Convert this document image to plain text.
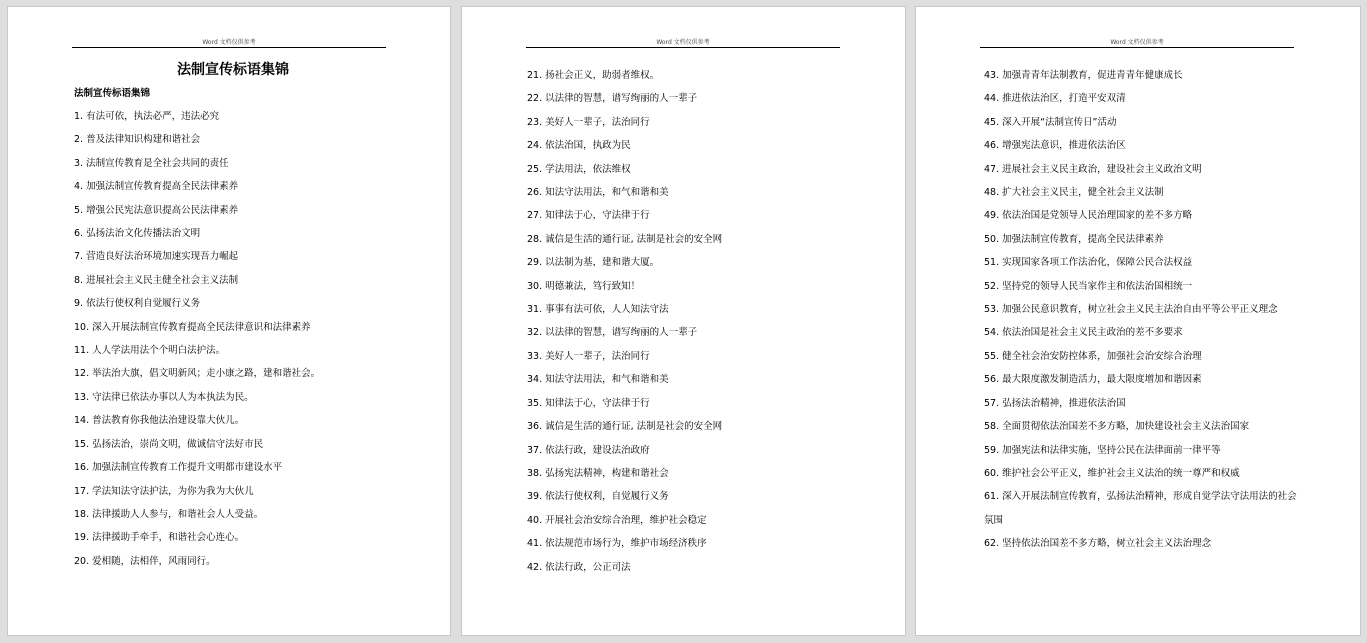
Word 文档仅供参考
法制宣传标语集锦
法制宣传标语集锦
1. 有法可依，执法必严，违法必究
2. 普及法律知识构建和谐社会
3. 法制宣传教育是全社会共同的责任
4. 加强法制宣传教育提高全民法律素养
5. 增强公民宪法意识提高公民法律素养
6. 弘扬法治文化传播法治文明
7. 营造良好法治环境加速实现吾力崛起
8. 进展社会主义民主健全社会主义法制
9. 依法行使权利自觉履行义务
10. 深入开展法制宣传教育提高全民法律意识和法律素养
11. 人人学法用法个个明白法护法。
12. 举法治大旗，倡文明新风；走小康之路，建和谐社会。
13. 守法律已依法办事以人为本执法为民。
14. 普法教育你我他法治建设靠大伙儿。
15. 弘扬法治，崇尚文明，做诚信守法好市民
16. 加强法制宣传教育工作提升文明都市建设水平
17. 学法知法守法护法，为你为我为大伙儿
18. 法律援助人人参与，和谐社会人人受益。
19. 法律援助手牵手，和谐社会心连心。
20. 爱相随，法相伴，风雨同行。
Word 文档仅供参考
21. 扬社会正义，助弱者维权。
22. 以法律的智慧，谱写绚丽的人一辈子
23. 美好人一辈子，法治同行
24. 依法治国，执政为民
25. 学法用法，依法维权
26. 知法守法用法，和气和谐和美
27. 知律法于心，守法律于行
28. 诚信是生活的通行证, 法制是社会的安全网
29. 以法制为基，建和谐大厦。
30. 明德兼法，笃行致知！
31. 事事有法可依，人人知法守法
32. 以法律的智慧，谱写绚丽的人一辈子
33. 美好人一辈子，法治同行
34. 知法守法用法，和气和谐和美
35. 知律法于心，守法律于行
36. 诚信是生活的通行证, 法制是社会的安全网
37. 依法行政，建设法治政府
38. 弘扬宪法精神，构建和谐社会
39. 依法行使权利，自觉履行义务
40. 开展社会治安综合治理，维护社会稳定
41. 依法规范市场行为，维护市场经济秩序
42. 依法行政，公正司法
Word 文档仅供参考
43. 加强青青年法制教育，促进青青年健康成长
44. 推进依法治区，打造平安双清
45. 深入开展“法制宣传日”活动
46. 增强宪法意识，推进依法治区
47. 进展社会主义民主政治，建设社会主义政治文明
48. 扩大社会主义民主，健全社会主义法制
49. 依法治国是党领导人民治理国家的差不多方略
50. 加强法制宣传教育，提高全民法律素养
51. 实现国家各项工作法治化，保障公民合法权益
52. 坚持党的领导人民当家作主和依法治国相统一
53. 加强公民意识教育，树立社会主义民主法治自由平等公平正义理念
54. 依法治国是社会主义民主政治的差不多要求
55. 健全社会治安防控体系，加强社会治安综合治理
56. 最大限度激发制造活力，最大限度增加和谐因素
57. 弘扬法治精神，推进依法治国
58. 全面贯彻依法治国差不多方略，加快建设社会主义法治国家
59. 加强宪法和法律实施，坚持公民在法律面前一律平等
60. 维护社会公平正义，维护社会主义法治的统一尊严和权威
61. 深入开展法制宣传教育，弘扬法治精神，形成自觉学法守法用法的社会氛围
62. 坚持依法治国差不多方略，树立社会主义法治理念
